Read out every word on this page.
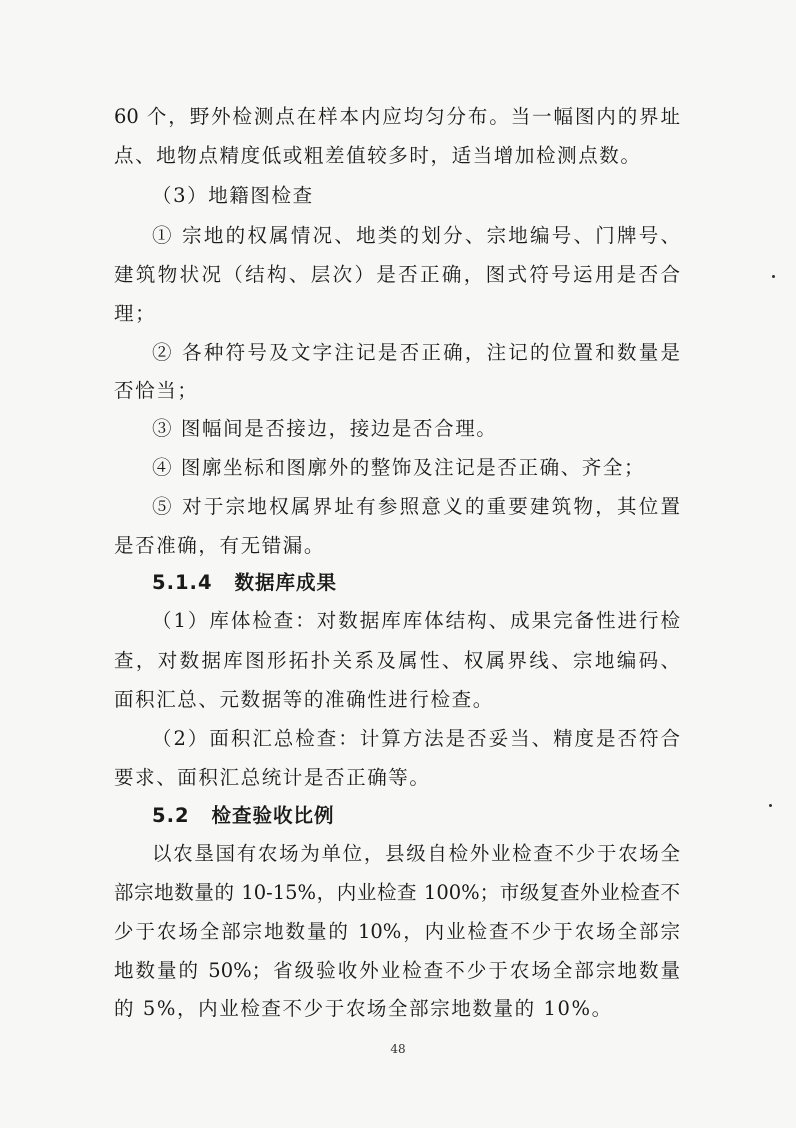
60 个，野外检测点在样本内应均匀分布。当一幅图内的界址
点、地物点精度低或粗差值较多时，适当增加检测点数。
（3）地籍图检查
① 宗地的权属情况、地类的划分、宗地编号、门牌号、
建筑物状况（结构、层次）是否正确，图式符号运用是否合
理；
② 各种符号及文字注记是否正确，注记的位置和数量是
否恰当；
③ 图幅间是否接边，接边是否合理。
④ 图廓坐标和图廓外的整饰及注记是否正确、齐全；
⑤ 对于宗地权属界址有参照意义的重要建筑物，其位置
是否准确，有无错漏。
5.1.4 数据库成果
（1）库体检查：对数据库库体结构、成果完备性进行检
查，对数据库图形拓扑关系及属性、权属界线、宗地编码、
面积汇总、元数据等的准确性进行检查。
（2）面积汇总检查：计算方法是否妥当、精度是否符合
要求、面积汇总统计是否正确等。
5.2 检查验收比例
以农垦国有农场为单位，县级自检外业检查不少于农场全
部宗地数量的 10-15%，内业检查 100%；市级复查外业检查不
少于农场全部宗地数量的 10%，内业检查不少于农场全部宗
地数量的 50%；省级验收外业检查不少于农场全部宗地数量
的 5%，内业检查不少于农场全部宗地数量的 10%。
48
